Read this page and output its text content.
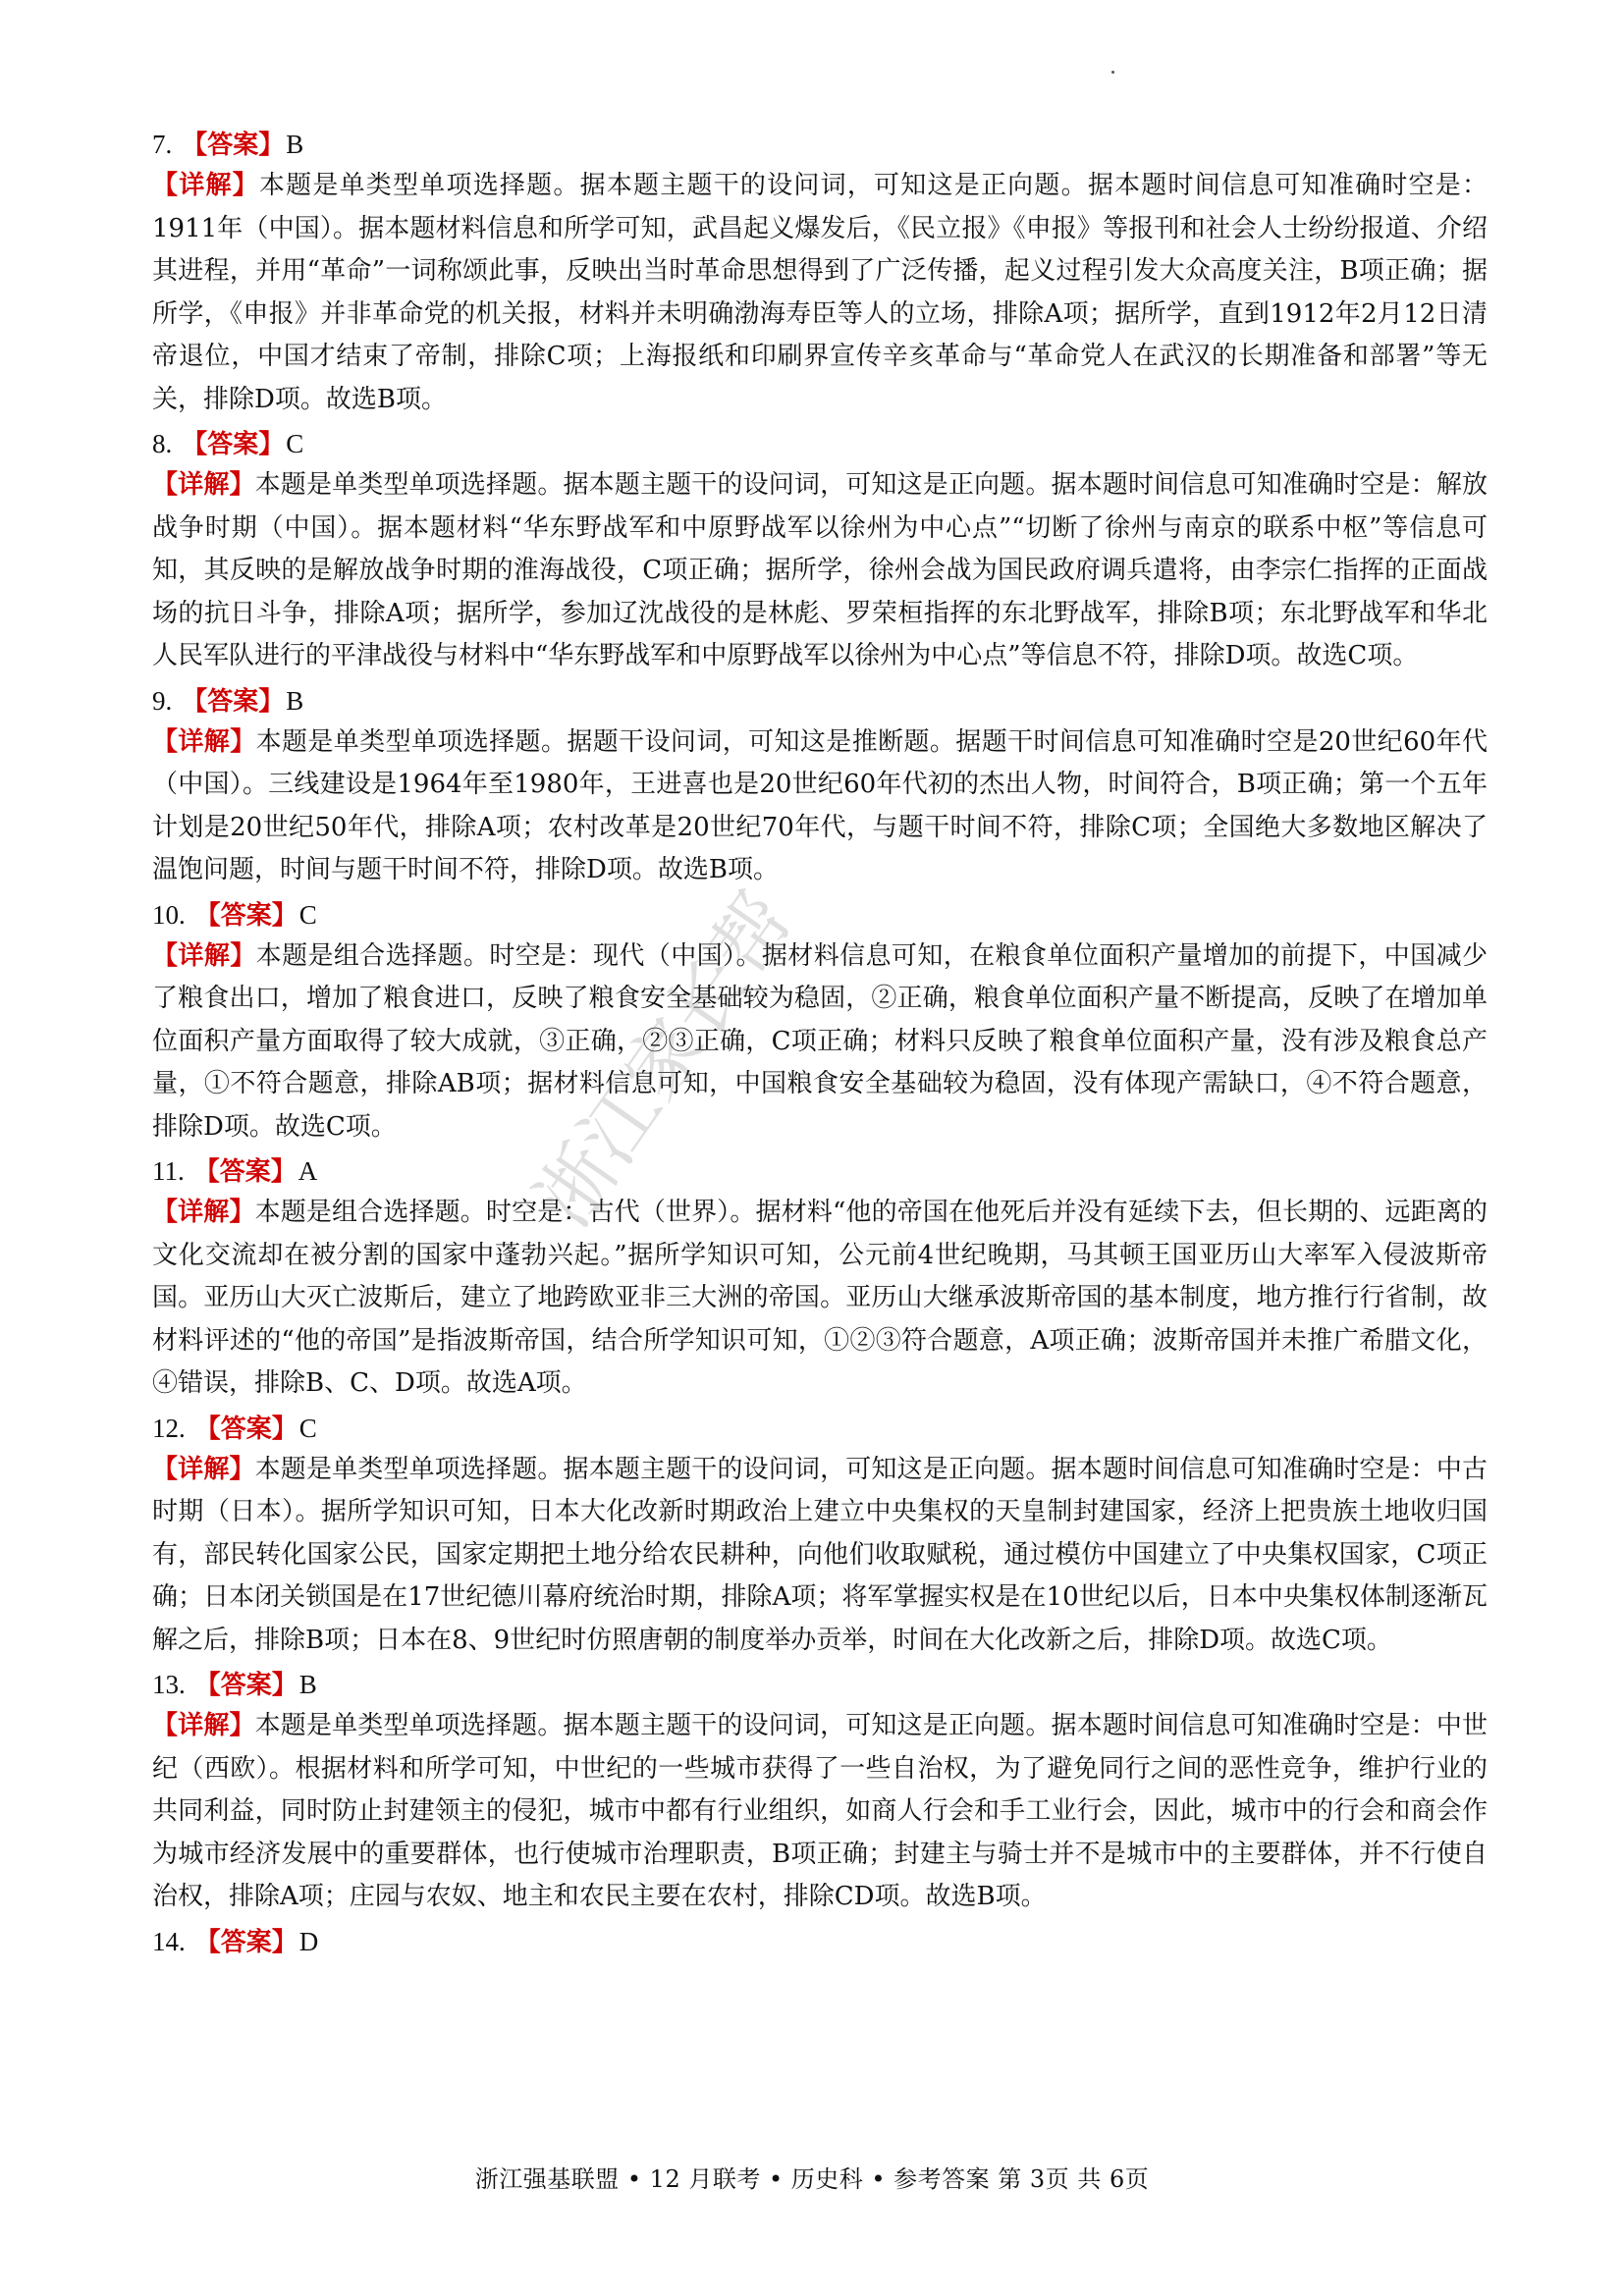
7. 【答案】B

【详解】本题是单类型单项选择题。据本题主题干的设问词，可知这是正向题。据本题时间信息可知准确时空是：1911年（中国）。据本题材料信息和所学可知，武昌起义爆发后，《民立报》《申报》等报刊和社会人士纷纷报道、介绍其进程，并用“革命”一词称颂此事，反映出当时革命思想得到了广泛传播，起义过程引发大众高度关注，B项正确；据所学，《申报》并非革命党的机关报，材料并未明确渤海寿臣等人的立场，排除A项；据所学，直到1912年2月12日清帝退位，中国才结束了帝制，排除C项；上海报纸和印刷界宣传辛亥革命与“革命党人在武汉的长期准备和部署”等无关，排除D项。故选B项。

8. 【答案】C

【详解】本题是单类型单项选择题。据本题主题干的设问词，可知这是正向题。据本题时间信息可知准确时空是：解放战争时期（中国）。据本题材料“华东野战军和中原野战军以徐州为中心点”“切断了徐州与南京的联系中枢”等信息可知，其反映的是解放战争时期的淮海战役，C项正确；据所学，徐州会战为国民政府调兵遣将，由李宗仁指挥的正面战场的抗日斗争，排除A项；据所学，参加辽沈战役的是林彪、罗荣桓指挥的东北野战军，排除B项；东北野战军和华北人民军队进行的平津战役与材料中“华东野战军和中原野战军以徐州为中心点”等信息不符，排除D项。故选C项。

9. 【答案】B

【详解】本题是单类型单项选择题。据题干设问词，可知这是推断题。据题干时间信息可知准确时空是20世纪60年代（中国）。三线建设是1964年至1980年，王进喜也是20世纪60年代初的杰出人物，时间符合，B项正确；第一个五年计划是20世纪50年代，排除A项；农村改革是20世纪70年代，与题干时间不符，排除C项；全国绝大多数地区解决了温饱问题，时间与题干时间不符，排除D项。故选B项。

10. 【答案】C

【详解】本题是组合选择题。时空是：现代（中国）。据材料信息可知，在粮食单位面积产量增加的前提下，中国减少了粮食出口，增加了粮食进口，反映了粮食安全基础较为稳固，②正确，粮食单位面积产量不断提高，反映了在增加单位面积产量方面取得了较大成就，③正确，②③正确，C项正确；材料只反映了粮食单位面积产量，没有涉及粮食总产量，①不符合题意，排除AB项；据材料信息可知，中国粮食安全基础较为稳固，没有体现产需缺口，④不符合题意，排除D项。故选C项。

11. 【答案】A

【详解】本题是组合选择题。时空是：古代（世界）。据材料“他的帝国在他死后并没有延续下去，但长期的、远距离的文化交流却在被分割的国家中蓬勃兴起。”据所学知识可知，公元前4世纪晚期，马其顿王国亚历山大率军入侵波斯帝国。亚历山大灭亡波斯后，建立了地跨欧亚非三大洲的帝国。亚历山大继承波斯帝国的基本制度，地方推行行省制，故材料评述的“他的帝国”是指波斯帝国，结合所学知识可知，①②③符合题意，A项正确；波斯帝国并未推广希腊文化，④错误，排除B、C、D项。故选A项。

12. 【答案】C

【详解】本题是单类型单项选择题。据本题主题干的设问词，可知这是正向题。据本题时间信息可知准确时空是：中古时期（日本）。据所学知识可知，日本大化改新时期政治上建立中央集权的天皇制封建国家，经济上把贵族土地收归国有，部民转化国家公民，国家定期把土地分给农民耕种，向他们收取赋税，通过模仿中国建立了中央集权国家，C项正确；日本闭关锁国是在17世纪德川幕府统治时期，排除A项；将军掌握实权是在10世纪以后，日本中央集权体制逐渐瓦解之后，排除B项；日本在8、9世纪时仿照唐朝的制度举办贡举，时间在大化改新之后，排除D项。故选C项。

13. 【答案】B

【详解】本题是单类型单项选择题。据本题主题干的设问词，可知这是正向题。据本题时间信息可知准确时空是：中世纪（西欧）。根据材料和所学可知，中世纪的一些城市获得了一些自治权，为了避免同行之间的恶性竞争，维护行业的共同利益，同时防止封建领主的侵犯，城市中都有行业组织，如商人行会和手工业行会，因此，城市中的行会和商会作为城市经济发展中的重要群体，也行使城市治理职责，B项正确；封建主与骑士并不是城市中的主要群体，并不行使自治权，排除A项；庄园与农奴、地主和农民主要在农村，排除CD项。故选B项。

14. 【答案】D

浙江家长帮
浙江强基联盟 • 12 月联考 • 历史科 • 参考答案 第 3页 共 6页
